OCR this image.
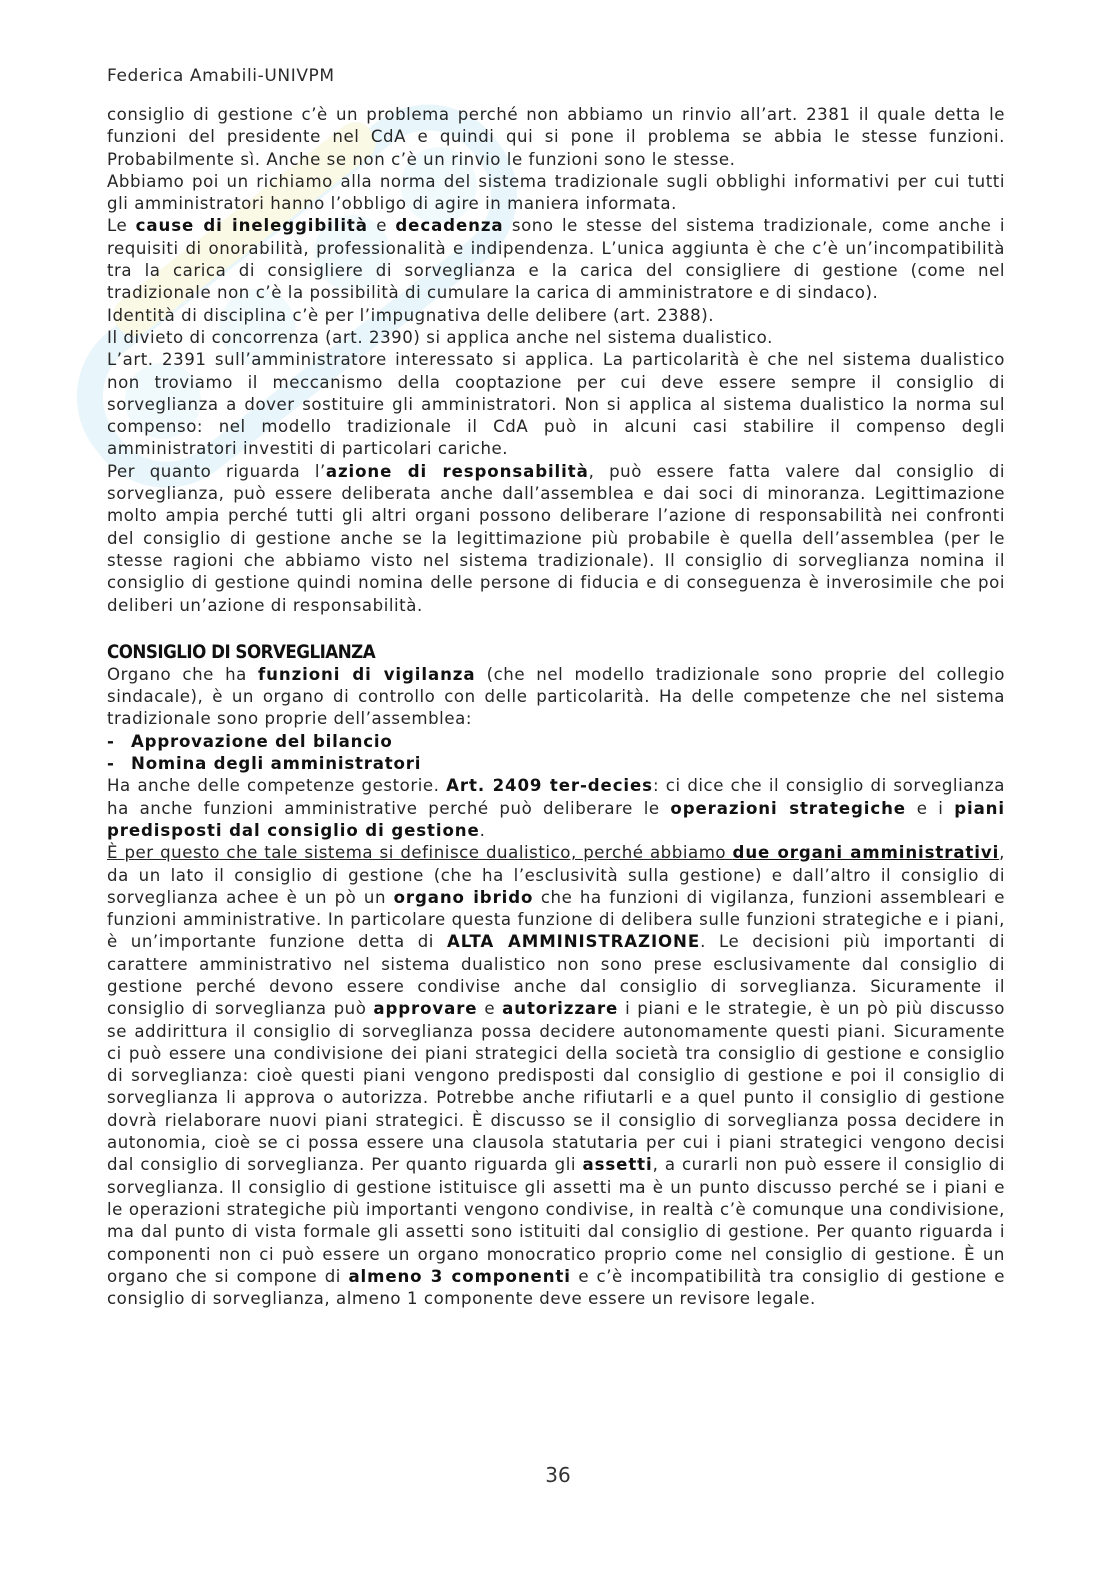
Federica Amabili-UNIVPM

consiglio di gestione c’è un problema perché non abbiamo un rinvio all’art. 2381 il quale detta le funzioni del presidente nel CdA e quindi qui si pone il problema se abbia le stesse funzioni. Probabilmente sì. Anche se non c’è un rinvio le funzioni sono le stesse.

Abbiamo poi un richiamo alla norma del sistema tradizionale sugli obblighi informativi per cui tutti gli amministratori hanno l’obbligo di agire in maniera informata.

Le cause di ineleggibilità e decadenza sono le stesse del sistema tradizionale, come anche i requisiti di onorabilità, professionalità e indipendenza. L’unica aggiunta è che c’è un’incompatibilità tra la carica di consigliere di sorveglianza e la carica del consigliere di gestione (come nel tradizionale non c’è la possibilità di cumulare la carica di amministratore e di sindaco).

Identità di disciplina c’è per l’impugnativa delle delibere (art. 2388).

Il divieto di concorrenza (art. 2390) si applica anche nel sistema dualistico.

L’art. 2391 sull’amministratore interessato si applica. La particolarità è che nel sistema dualistico non troviamo il meccanismo della cooptazione per cui deve essere sempre il consiglio di sorveglianza a dover sostituire gli amministratori. Non si applica al sistema dualistico la norma sul compenso: nel modello tradizionale il CdA può in alcuni casi stabilire il compenso degli amministratori investiti di particolari cariche.

Per quanto riguarda l’azione di responsabilità, può essere fatta valere dal consiglio di sorveglianza, può essere deliberata anche dall’assemblea e dai soci di minoranza. Legittimazione molto ampia perché tutti gli altri organi possono deliberare l’azione di responsabilità nei confronti del consiglio di gestione anche se la legittimazione più probabile è quella dell’assemblea (per le stesse ragioni che abbiamo visto nel sistema tradizionale). Il consiglio di sorveglianza nomina il consiglio di gestione quindi nomina delle persone di fiducia e di conseguenza è inverosimile che poi deliberi un’azione di responsabilità.

CONSIGLIO DI SORVEGLIANZA

Organo che ha funzioni di vigilanza (che nel modello tradizionale sono proprie del collegio sindacale), è un organo di controllo con delle particolarità. Ha delle competenze che nel sistema tradizionale sono proprie dell’assemblea:

- Approvazione del bilancio
- Nomina degli amministratori

Ha anche delle competenze gestorie. Art. 2409 ter-decies: ci dice che il consiglio di sorveglianza ha anche funzioni amministrative perché può deliberare le operazioni strategiche e i piani predisposti dal consiglio di gestione.

È per questo che tale sistema si definisce dualistico, perché abbiamo due organi amministrativi, da un lato il consiglio di gestione (che ha l’esclusività sulla gestione) e dall’altro il consiglio di sorveglianza achee è un pò un organo ibrido che ha funzioni di vigilanza, funzioni assembleari e funzioni amministrative. In particolare questa funzione di delibera sulle funzioni strategiche e i piani, è un’importante funzione detta di ALTA AMMINISTRAZIONE. Le decisioni più importanti di carattere amministrativo nel sistema dualistico non sono prese esclusivamente dal consiglio di gestione perché devono essere condivise anche dal consiglio di sorveglianza. Sicuramente il consiglio di sorveglianza può approvare e autorizzare i piani e le strategie, è un pò più discusso se addirittura il consiglio di sorveglianza possa decidere autonomamente questi piani. Sicuramente ci può essere una condivisione dei piani strategici della società tra consiglio di gestione e consiglio di sorveglianza: cioè questi piani vengono predisposti dal consiglio di gestione e poi il consiglio di sorveglianza li approva o autorizza. Potrebbe anche rifiutarli e a quel punto il consiglio di gestione dovrà rielaborare nuovi piani strategici. È discusso se il consiglio di sorveglianza possa decidere in autonomia, cioè se ci possa essere una clausola statutaria per cui i piani strategici vengono decisi dal consiglio di sorveglianza. Per quanto riguarda gli assetti, a curarli non può essere il consiglio di sorveglianza. Il consiglio di gestione istituisce gli assetti ma è un punto discusso perché se i piani e le operazioni strategiche più importanti vengono condivise, in realtà c’è comunque una condivisione, ma dal punto di vista formale gli assetti sono istituiti dal consiglio di gestione. Per quanto riguarda i componenti non ci può essere un organo monocratico proprio come nel consiglio di gestione. È un organo che si compone di almeno 3 componenti e c’è incompatibilità tra consiglio di gestione e consiglio di sorveglianza, almeno 1 componente deve essere un revisore legale.

36
